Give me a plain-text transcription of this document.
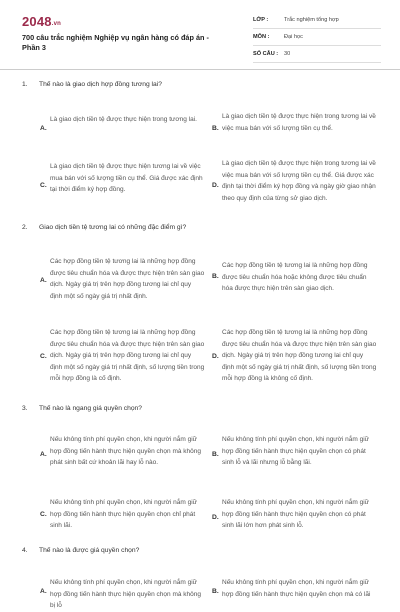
2048.vn
700 câu trắc nghiệm Nghiệp vụ ngân hàng có đáp án - Phần 3
LỚP :	Trắc nghiệm tổng hợp
MÔN :	Đại học
SỐ CÂU :	30
1. Thế nào là giao dịch hợp đồng tương lai?
A.
Là giao dịch tiền tệ được thực hiện trong tương lai.
B.
Là giao dịch tiền tệ được thực hiện trong tương lai về việc mua bán với số lượng tiền cụ thể.
C.
Là giao dịch tiền tệ được thực hiện tương lai về việc mua bán với số lượng tiền cụ thể. Giá được xác định tại thời điểm ký hợp đồng.
D.
Là giao dịch tiền tệ được thực hiện trong tương lai về việc mua bán với số lượng tiền cụ thể. Giá được xác định tại thời điểm ký hợp đồng và ngày giờ giao nhận theo quy định của từng sở giao dịch.
2. Giao dịch tiền tệ tương lai có những đặc điểm gì?
A.
Các hợp đồng tiền tệ tương lai là những hợp đồng được tiêu chuẩn hóa và được thực hiện trên sàn giao dịch. Ngày giá trị trên hợp đồng tương lai chỉ quy định một số ngày giá trị nhất định.
B.
Các hợp đồng tiền tệ tương lai là những hợp đồng được tiêu chuẩn hóa hoặc không được tiêu chuẩn hóa được thực hiện trên sàn giao dịch.
C.
Các hợp đồng tiền tệ tương lai là những hợp đồng được tiêu chuẩn hóa và được thực hiện trên sàn giao dịch. Ngày giá trị trên hợp đồng tương lai chỉ quy định một số ngày giá trị nhất định, số lượng tiền trong mỗi hợp đồng là cố định.
D.
Các hợp đồng tiền tệ tương lai là những hợp đồng được tiêu chuẩn hóa và được thực hiện trên sàn giao dịch. Ngày giá trị trên hợp đồng tương lai chỉ quy định một số ngày giá trị nhất định, số lượng tiền trong mỗi hợp đồng là không cố định.
3. Thế nào là ngang giá quyền chọn?
A.
Nếu không tính phí quyền chọn, khi người nắm giữ hợp đồng tiến hành thực hiện quyền chọn mà không phát sinh bất cứ khoản lãi hay lỗ nào.
B.
Nếu không tính phí quyền chọn, khi người nắm giữ hợp đồng tiến hành thực hiện quyền chọn có phát sinh lỗ và lãi nhưng lỗ bằng lãi.
C.
Nếu không tính phí quyền chọn, khi người nắm giữ hợp đồng tiến hành thực hiện quyền chọn chỉ phát sinh lãi.
D.
Nếu không tính phí quyền chọn, khi người nắm giữ hợp đồng tiến hành thực hiện quyền chọn có phát sinh lãi lớn hơn phát sinh lỗ.
4. Thế nào là được giá quyền chọn?
A.
Nếu không tính phí quyền chọn, khi người nắm giữ hợp đồng tiến hành thực hiện quyền chọn mà không bị lỗ
B.
Nếu không tính phí quyền chọn, khi người nắm giữ hợp đồng tiến hành thực hiện quyền chọn mà có lãi
